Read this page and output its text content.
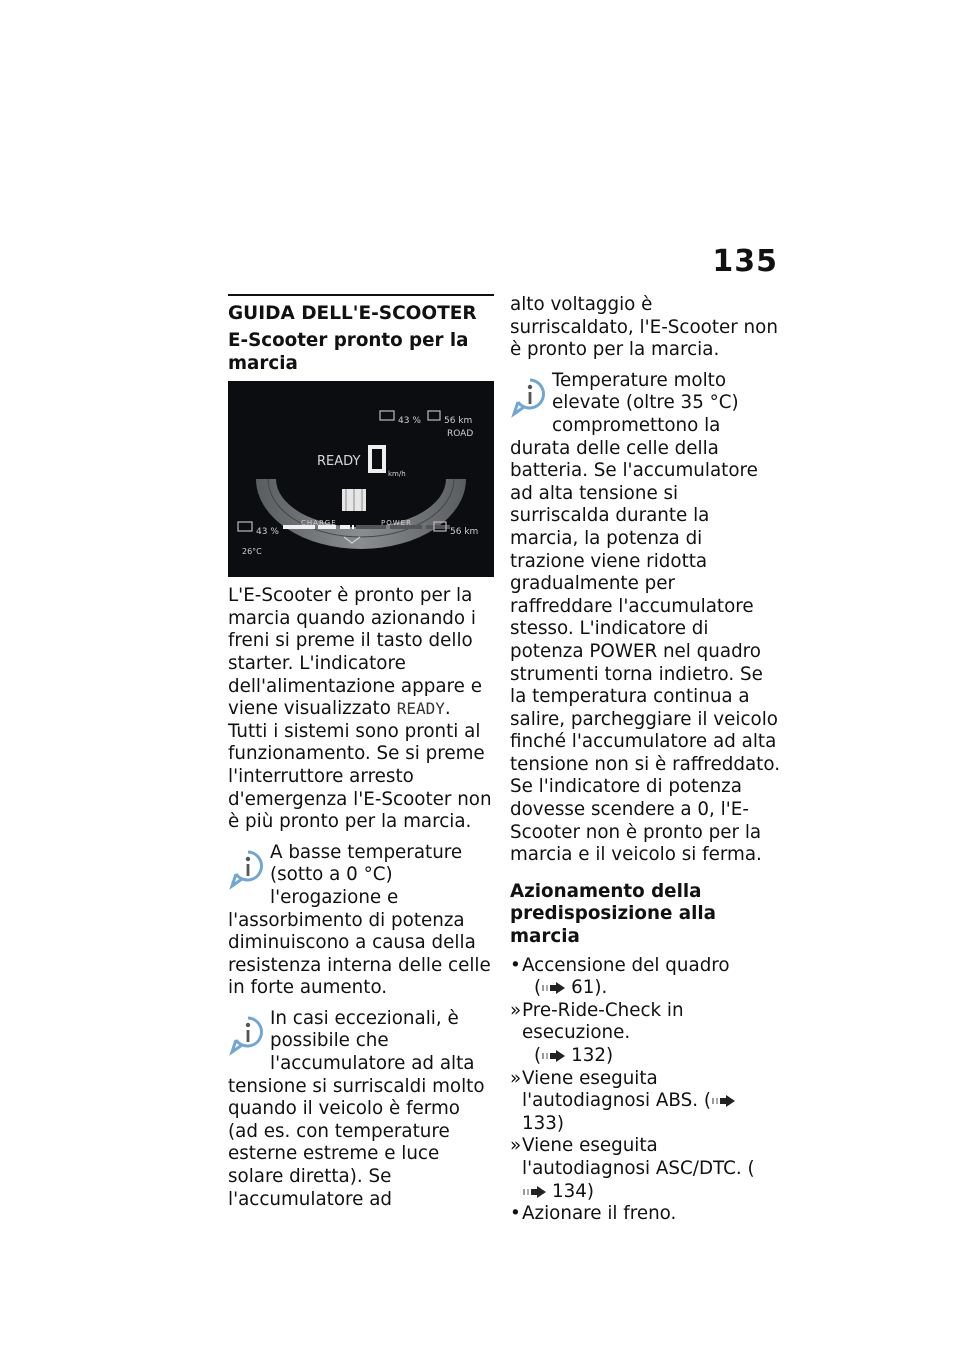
135
GUIDA DELL'E-SCOOTER
E-Scooter pronto per la marcia
43 %	56 km
ROAD
READY
km/h
CHARGE	POWER
43 %	56 km
26°C

L'E-Scooter è pronto per la marcia quando azionando i freni si preme il tasto dello starter. L'indicatore dell'alimentazione appare e viene visualizzato READY. Tutti i sistemi sono pronti al funzionamento. Se si preme l'interruttore arresto d'emergenza l'E-Scooter non è più pronto per la marcia.

A basse temperature (sotto a 0 °C) l'erogazione e l'assorbimento di potenza diminuiscono a causa della resistenza interna delle celle in forte aumento.

In casi eccezionali, è possibile che l'accumulatore ad alta tensione si surriscaldi molto quando il veicolo è fermo (ad es. con temperature esterne estreme e luce solare diretta). Se l'accumulatore ad

alto voltaggio è surriscaldato, l'E-Scooter non è pronto per la marcia.

Temperature molto elevate (oltre 35 °C) compromettono la durata delle celle della batteria. Se l'accumulatore ad alta tensione si surriscalda durante la marcia, la potenza di trazione viene ridotta gradualmente per raffreddare l'accumulatore stesso. L'indicatore di potenza POWER nel quadro strumenti torna indietro. Se la temperatura continua a salire, parcheggiare il veicolo finché l'accumulatore ad alta tensione non si è raffreddato. Se l'indicatore di potenza dovesse scendere a 0, l'E-Scooter non è pronto per la marcia e il veicolo si ferma.

Azionamento della predisposizione alla marcia
• Accensione del quadro
( 61).
» Pre-Ride-Check in esecuzione.
( 132)
» Viene eseguita l'autodiagnosi ABS. (133)
» Viene eseguita l'autodiagnosi ASC/DTC. (134)
• Azionare il freno.
